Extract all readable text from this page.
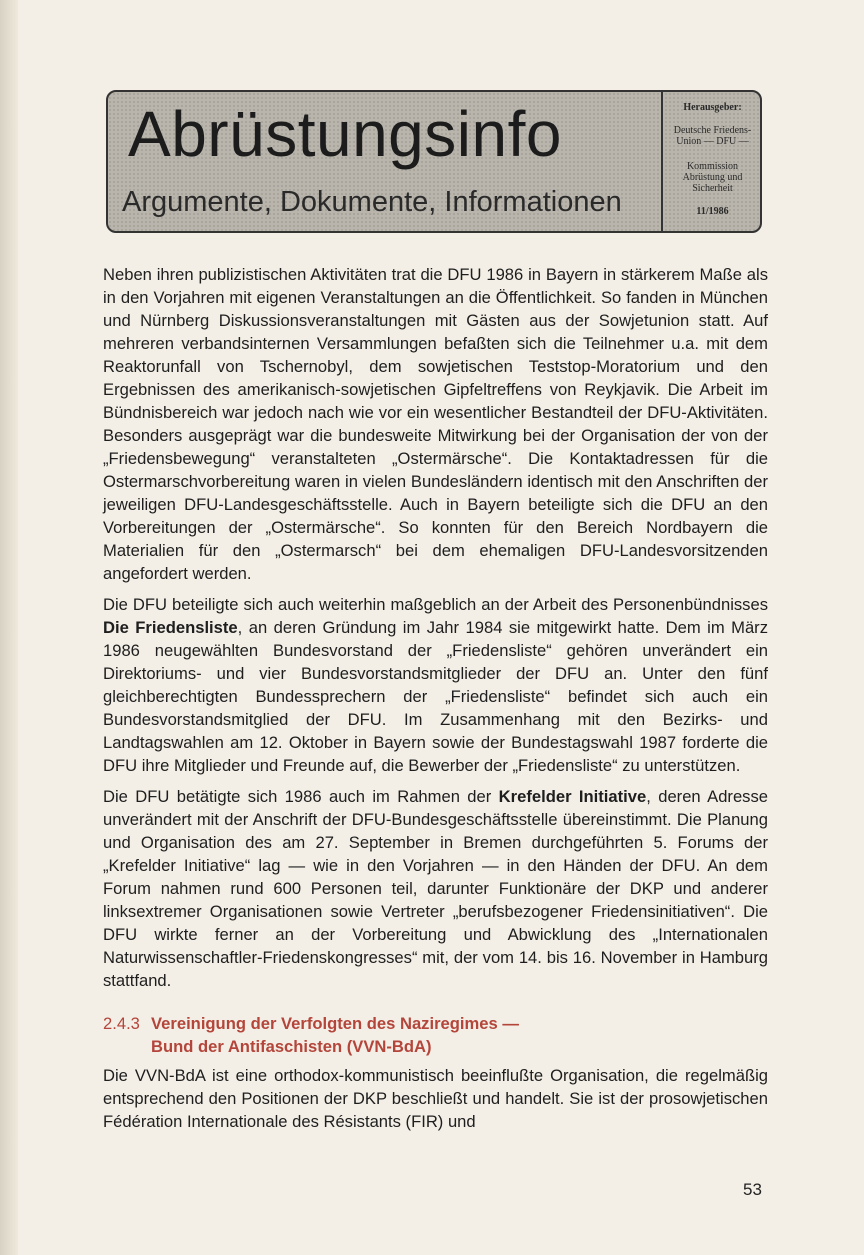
Abrüstungsinfo
Argumente, Dokumente, Informationen
Herausgeber:
Deutsche Friedens-Union — DFU —
Kommission Abrüstung und Sicherheit
11/1986

Neben ihren publizistischen Aktivitäten trat die DFU 1986 in Bayern in stärkerem Maße als in den Vorjahren mit eigenen Veranstaltungen an die Öffentlichkeit. So fanden in München und Nürnberg Diskussionsveranstaltungen mit Gästen aus der Sowjetunion statt. Auf mehreren verbandsinternen Versammlungen befaßten sich die Teilnehmer u.a. mit dem Reaktorunfall von Tschernobyl, dem sowjetischen Teststop-Moratorium und den Ergebnissen des amerikanisch-sowjetischen Gipfeltreffens von Reykjavik. Die Arbeit im Bündnisbereich war jedoch nach wie vor ein wesentlicher Bestandteil der DFU-Aktivitäten. Besonders ausgeprägt war die bundesweite Mitwirkung bei der Organisation der von der „Friedensbewegung“ veranstalteten „Ostermärsche“. Die Kontaktadressen für die Ostermarschvorbereitung waren in vielen Bundesländern identisch mit den Anschriften der jeweiligen DFU-Landesgeschäftsstelle. Auch in Bayern beteiligte sich die DFU an den Vorbereitungen der „Ostermärsche“. So konnten für den Bereich Nordbayern die Materialien für den „Ostermarsch“ bei dem ehemaligen DFU-Landesvorsitzenden angefordert werden.

Die DFU beteiligte sich auch weiterhin maßgeblich an der Arbeit des Personenbündnisses Die Friedensliste, an deren Gründung im Jahr 1984 sie mitgewirkt hatte. Dem im März 1986 neugewählten Bundesvorstand der „Friedensliste“ gehören unverändert ein Direktoriums- und vier Bundesvorstandsmitglieder der DFU an. Unter den fünf gleichberechtigten Bundessprechern der „Friedensliste“ befindet sich auch ein Bundesvorstandsmitglied der DFU. Im Zusammenhang mit den Bezirks- und Landtagswahlen am 12. Oktober in Bayern sowie der Bundestagswahl 1987 forderte die DFU ihre Mitglieder und Freunde auf, die Bewerber der „Friedensliste“ zu unterstützen.

Die DFU betätigte sich 1986 auch im Rahmen der Krefelder Initiative, deren Adresse unverändert mit der Anschrift der DFU-Bundesgeschäftsstelle übereinstimmt. Die Planung und Organisation des am 27. September in Bremen durchgeführten 5. Forums der „Krefelder Initiative“ lag — wie in den Vorjahren — in den Händen der DFU. An dem Forum nahmen rund 600 Personen teil, darunter Funktionäre der DKP und anderer linksextremer Organisationen sowie Vertreter „berufsbezogener Friedensinitiativen“. Die DFU wirkte ferner an der Vorbereitung und Abwicklung des „Internationalen Naturwissenschaftler-Friedenskongresses“ mit, der vom 14. bis 16. November in Hamburg stattfand.

2.4.3 Vereinigung der Verfolgten des Naziregimes —
Bund der Antifaschisten (VVN-BdA)

Die VVN-BdA ist eine orthodox-kommunistisch beeinflußte Organisation, die regelmäßig entsprechend den Positionen der DKP beschließt und handelt. Sie ist der prosowjetischen Fédération Internationale des Résistants (FIR) und

53
